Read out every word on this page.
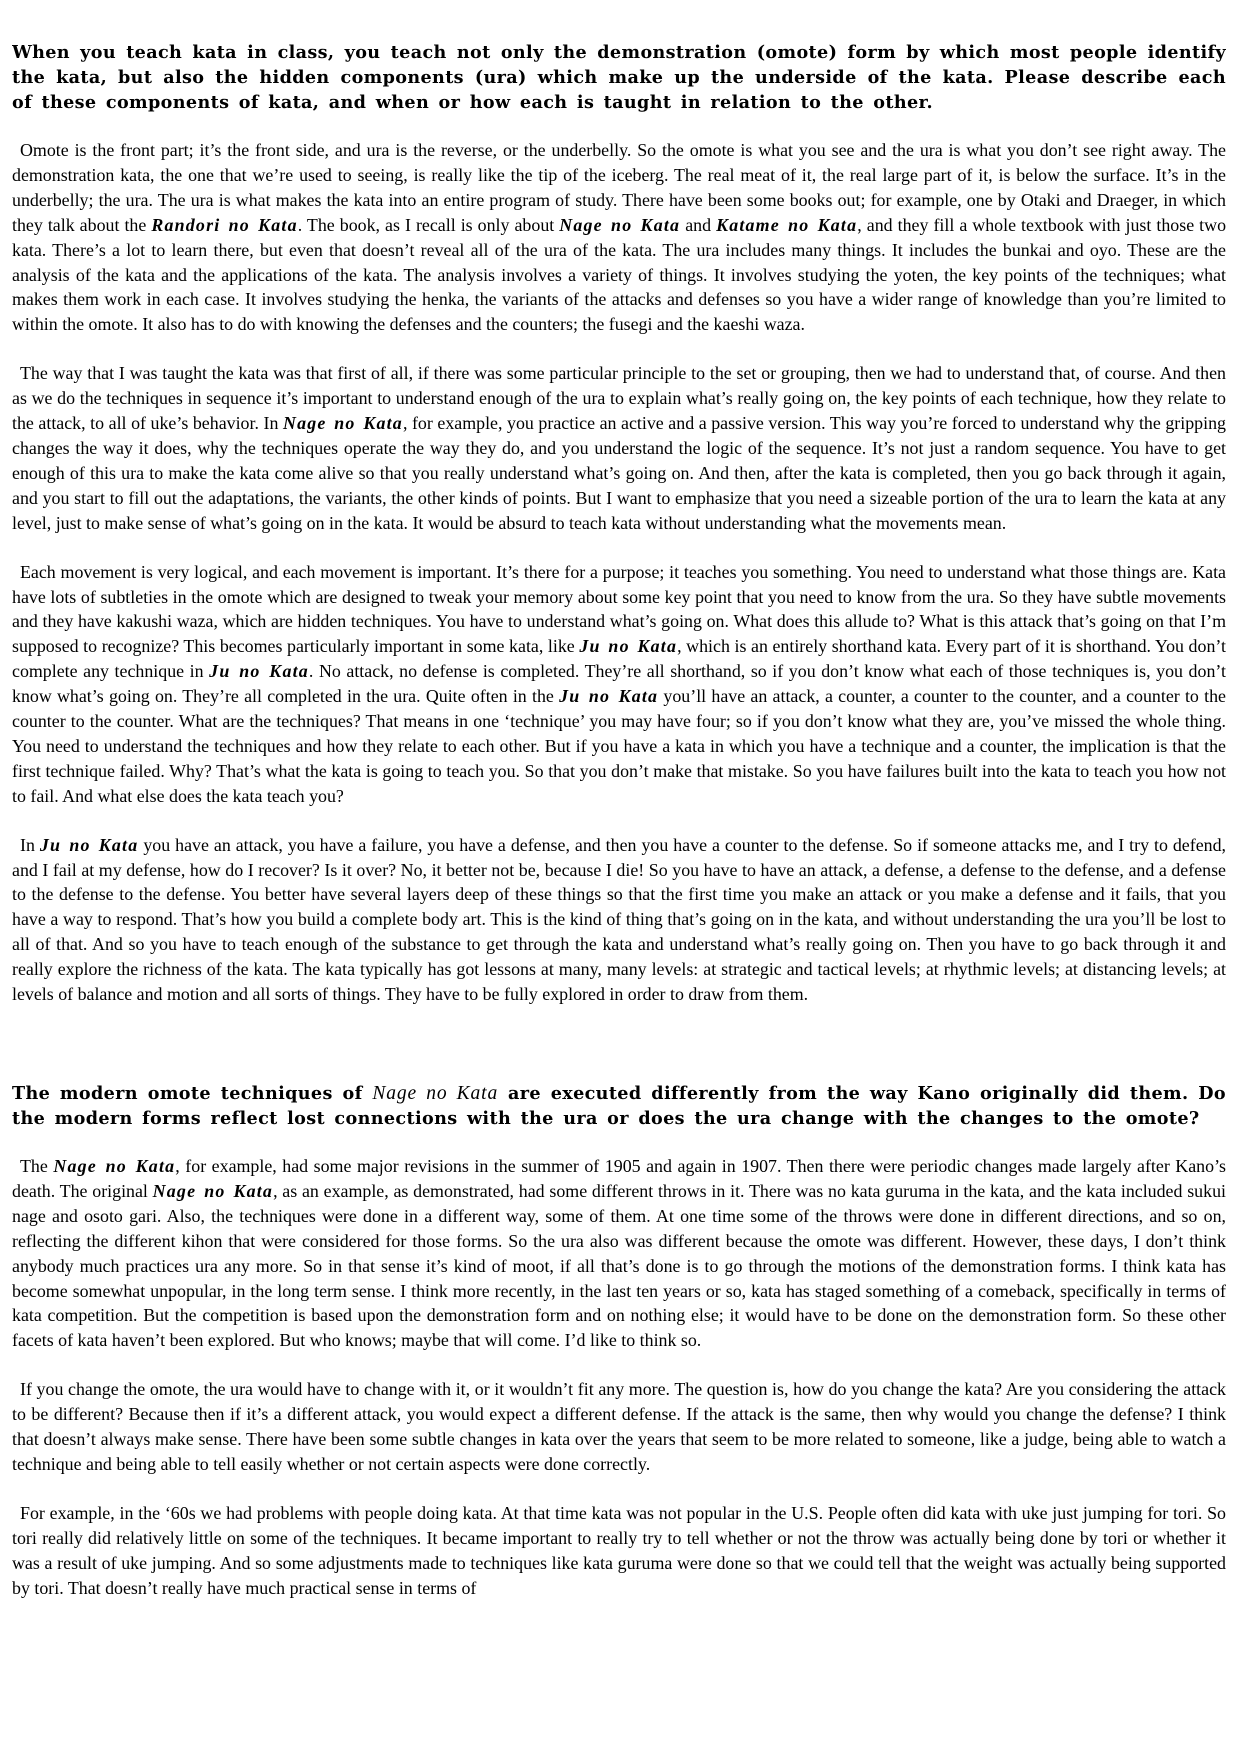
When you teach kata in class, you teach not only the demonstration (omote) form by which most people identify the kata, but also the hidden components (ura) which make up the underside of the kata. Please describe each of these components of kata, and when or how each is taught in relation to the other.

Omote is the front part; it’s the front side, and ura is the reverse, or the underbelly. So the omote is what you see and the ura is what you don’t see right away. The demonstration kata, the one that we’re used to seeing, is really like the tip of the iceberg. The real meat of it, the real large part of it, is below the surface. It’s in the underbelly; the ura. The ura is what makes the kata into an entire program of study. There have been some books out; for example, one by Otaki and Draeger, in which they talk about the Randori no Kata. The book, as I recall is only about Nage no Kata and Katame no Kata, and they fill a whole textbook with just those two kata. There’s a lot to learn there, but even that doesn’t reveal all of the ura of the kata. The ura includes many things. It includes the bunkai and oyo. These are the analysis of the kata and the applications of the kata. The analysis involves a variety of things. It involves studying the yoten, the key points of the techniques; what makes them work in each case. It involves studying the henka, the variants of the attacks and defenses so you have a wider range of knowledge than you’re limited to within the omote. It also has to do with knowing the defenses and the counters; the fusegi and the kaeshi waza.

The way that I was taught the kata was that first of all, if there was some particular principle to the set or grouping, then we had to understand that, of course. And then as we do the techniques in sequence it’s important to understand enough of the ura to explain what’s really going on, the key points of each technique, how they relate to the attack, to all of uke’s behavior. In Nage no Kata, for example, you practice an active and a passive version. This way you’re forced to understand why the gripping changes the way it does, why the techniques operate the way they do, and you understand the logic of the sequence. It’s not just a random sequence. You have to get enough of this ura to make the kata come alive so that you really understand what’s going on. And then, after the kata is completed, then you go back through it again, and you start to fill out the adaptations, the variants, the other kinds of points. But I want to emphasize that you need a sizeable portion of the ura to learn the kata at any level, just to make sense of what’s going on in the kata. It would be absurd to teach kata without understanding what the movements mean.

Each movement is very logical, and each movement is important. It’s there for a purpose; it teaches you something. You need to understand what those things are. Kata have lots of subtleties in the omote which are designed to tweak your memory about some key point that you need to know from the ura. So they have subtle movements and they have kakushi waza, which are hidden techniques. You have to understand what’s going on. What does this allude to? What is this attack that’s going on that I’m supposed to recognize? This becomes particularly important in some kata, like Ju no Kata, which is an entirely shorthand kata. Every part of it is shorthand. You don’t complete any technique in Ju no Kata. No attack, no defense is completed. They’re all shorthand, so if you don’t know what each of those techniques is, you don’t know what’s going on. They’re all completed in the ura. Quite often in the Ju no Kata you’ll have an attack, a counter, a counter to the counter, and a counter to the counter to the counter. What are the techniques? That means in one ‘technique’ you may have four; so if you don’t know what they are, you’ve missed the whole thing. You need to understand the techniques and how they relate to each other. But if you have a kata in which you have a technique and a counter, the implication is that the first technique failed. Why? That’s what the kata is going to teach you. So that you don’t make that mistake. So you have failures built into the kata to teach you how not to fail. And what else does the kata teach you?

In Ju no Kata you have an attack, you have a failure, you have a defense, and then you have a counter to the defense. So if someone attacks me, and I try to defend, and I fail at my defense, how do I recover? Is it over? No, it better not be, because I die! So you have to have an attack, a defense, a defense to the defense, and a defense to the defense to the defense. You better have several layers deep of these things so that the first time you make an attack or you make a defense and it fails, that you have a way to respond. That’s how you build a complete body art. This is the kind of thing that’s going on in the kata, and without understanding the ura you’ll be lost to all of that. And so you have to teach enough of the substance to get through the kata and understand what’s really going on. Then you have to go back through it and really explore the richness of the kata. The kata typically has got lessons at many, many levels: at strategic and tactical levels; at rhythmic levels; at distancing levels; at levels of balance and motion and all sorts of things. They have to be fully explored in order to draw from them.

The modern omote techniques of Nage no Kata are executed differently from the way Kano originally did them. Do the modern forms reflect lost connections with the ura or does the ura change with the changes to the omote?

The Nage no Kata, for example, had some major revisions in the summer of 1905 and again in 1907. Then there were periodic changes made largely after Kano’s death. The original Nage no Kata, as an example, as demonstrated, had some different throws in it. There was no kata guruma in the kata, and the kata included sukui nage and osoto gari. Also, the techniques were done in a different way, some of them. At one time some of the throws were done in different directions, and so on, reflecting the different kihon that were considered for those forms. So the ura also was different because the omote was different. However, these days, I don’t think anybody much practices ura any more. So in that sense it’s kind of moot, if all that’s done is to go through the motions of the demonstration forms. I think kata has become somewhat unpopular, in the long term sense. I think more recently, in the last ten years or so, kata has staged something of a comeback, specifically in terms of kata competition. But the competition is based upon the demonstration form and on nothing else; it would have to be done on the demonstration form. So these other facets of kata haven’t been explored. But who knows; maybe that will come. I’d like to think so.

If you change the omote, the ura would have to change with it, or it wouldn’t fit any more. The question is, how do you change the kata? Are you considering the attack to be different? Because then if it’s a different attack, you would expect a different defense. If the attack is the same, then why would you change the defense? I think that doesn’t always make sense. There have been some subtle changes in kata over the years that seem to be more related to someone, like a judge, being able to watch a technique and being able to tell easily whether or not certain aspects were done correctly.

For example, in the ‘60s we had problems with people doing kata. At that time kata was not popular in the U.S. People often did kata with uke just jumping for tori. So tori really did relatively little on some of the techniques. It became important to really try to tell whether or not the throw was actually being done by tori or whether it was a result of uke jumping. And so some adjustments made to techniques like kata guruma were done so that we could tell that the weight was actually being supported by tori. That doesn’t really have much practical sense in terms of
